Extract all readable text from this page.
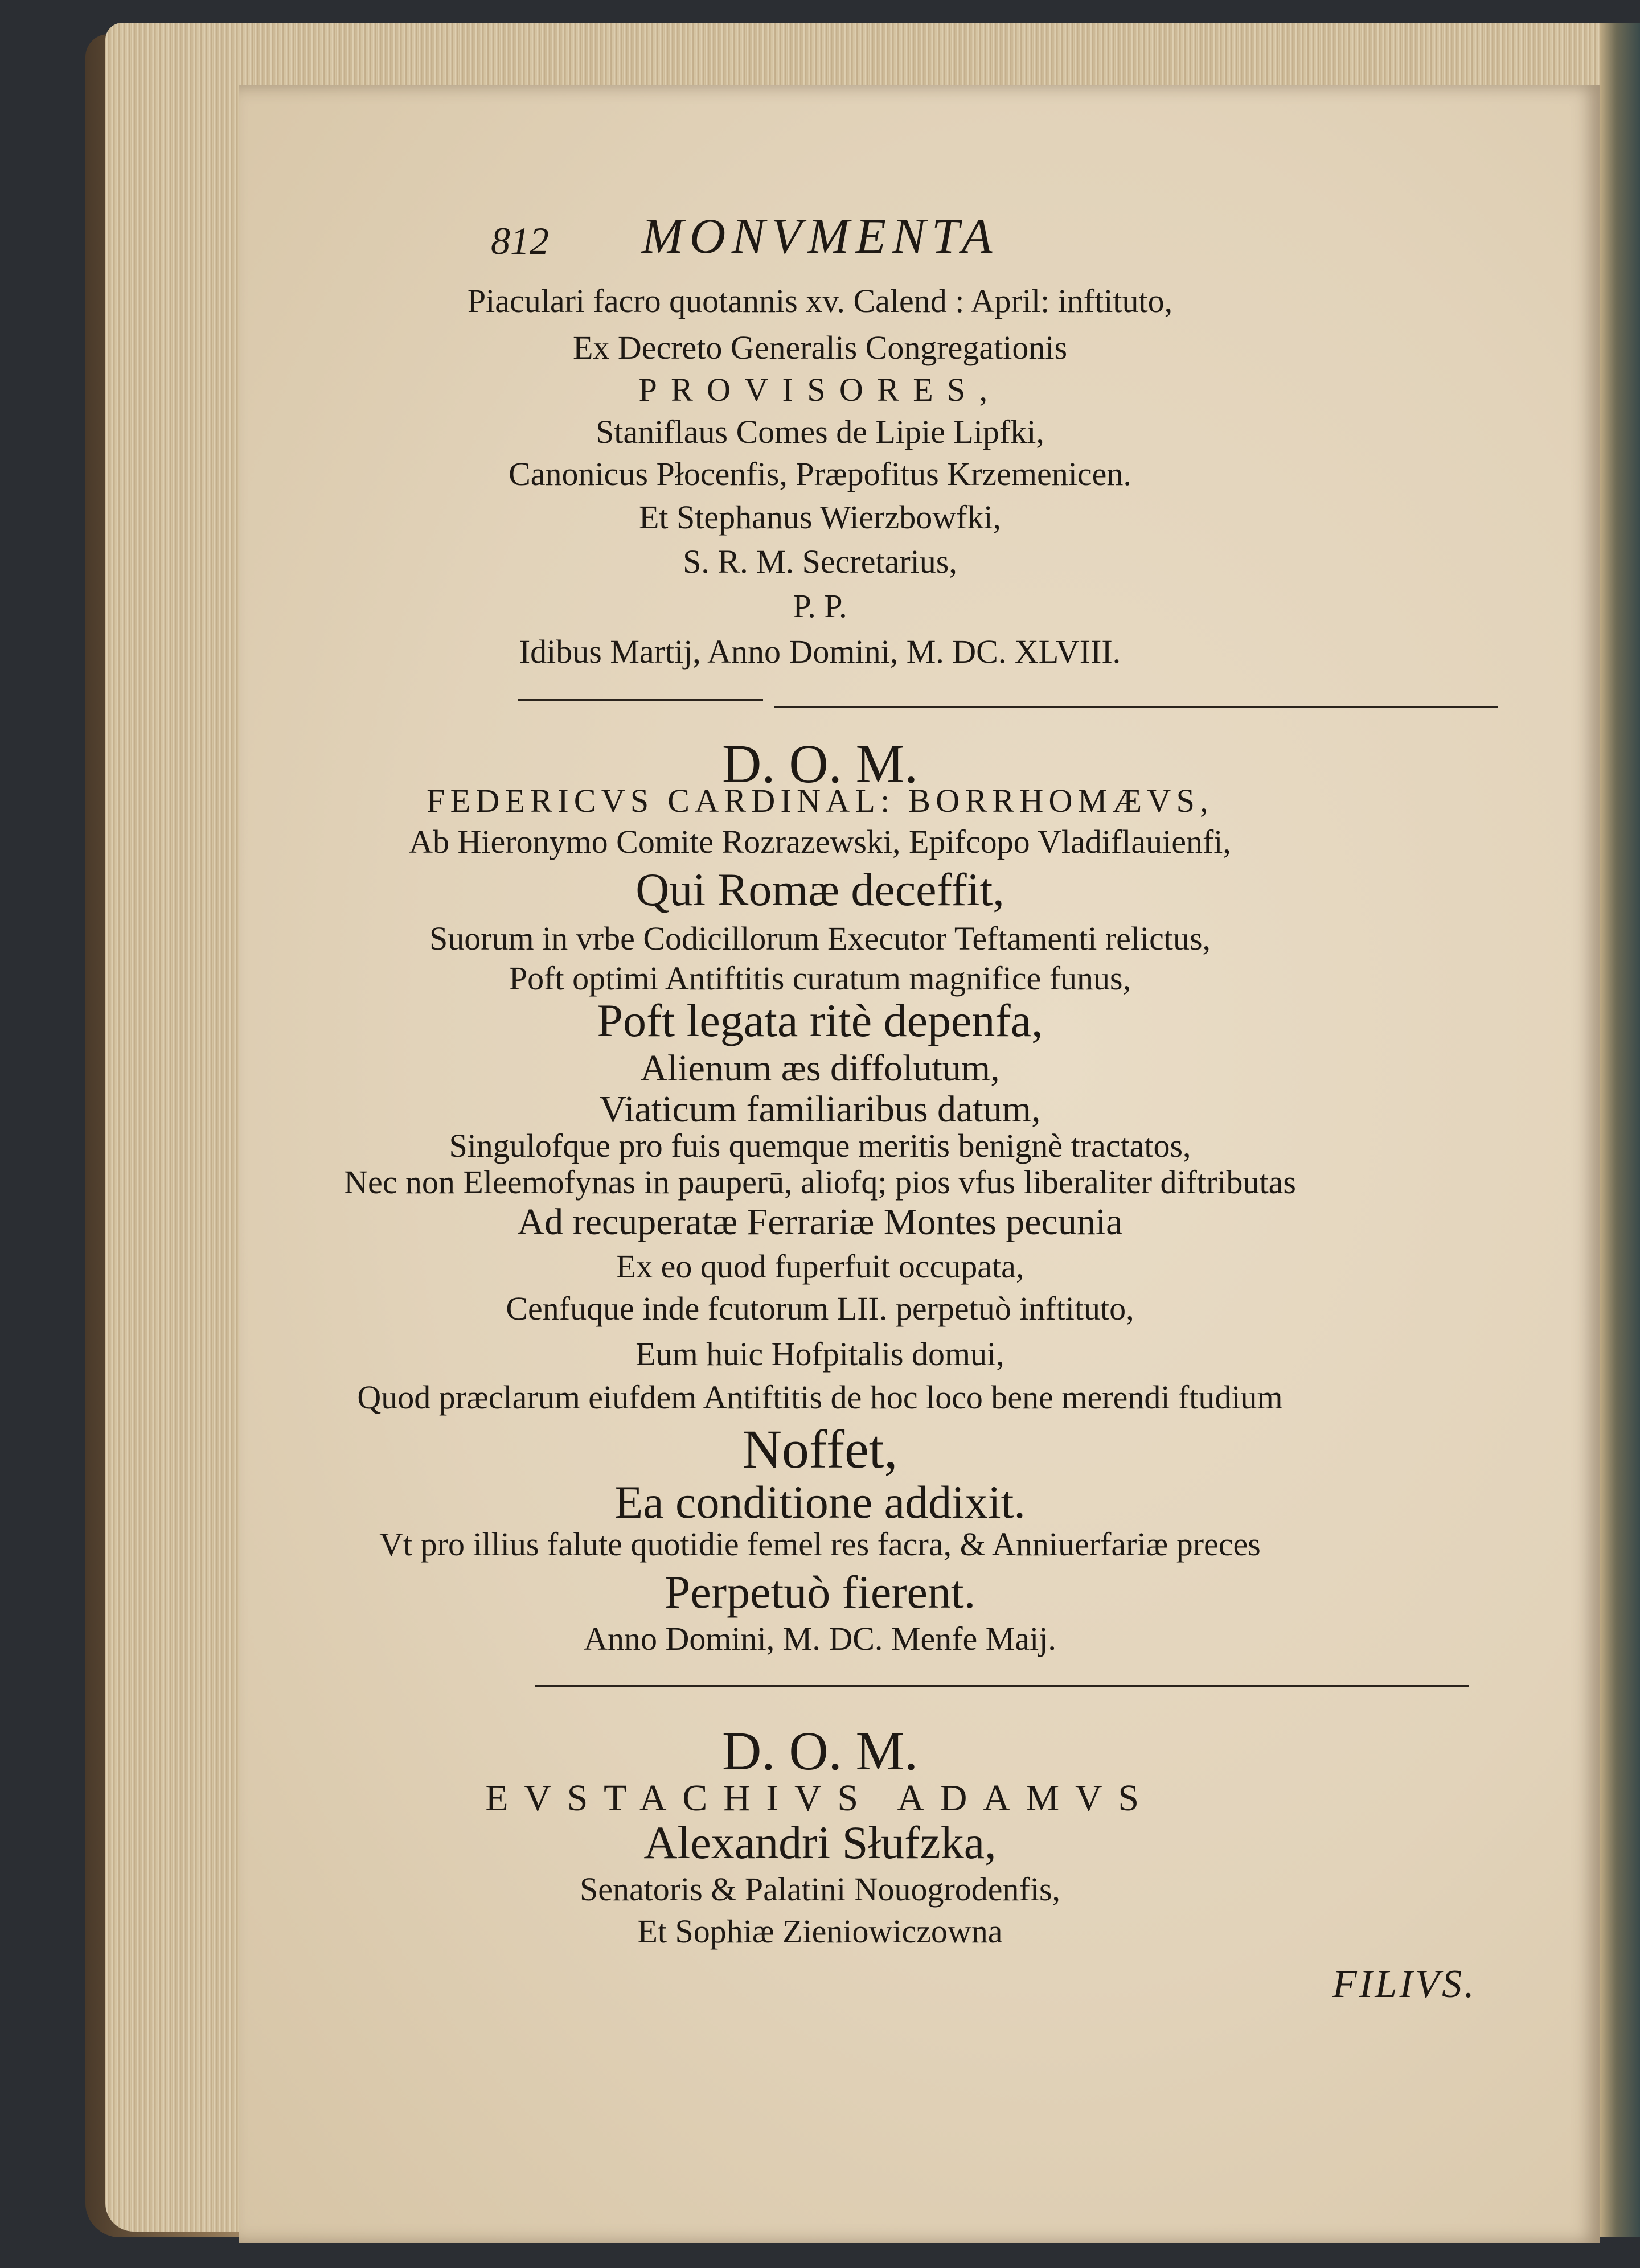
812	MONVMENTA
Piaculari facro quotannis xv. Calend : April: inftituto,
Ex Decreto Generalis Congregationis
PROVISORES,
Staniflaus Comes de Lipie Lipfki,
Canonicus Płocenfis, Præpofitus Krzemenicen.
Et Stephanus Wierzbowfki,
S. R. M. Secretarius,
P. P.
Idibus Martij, Anno Domini, M. DC. XLVIII.
D. O. M.
FEDERICVS CARDINAL: BORRHOMÆVS,
Ab Hieronymo Comite Rozrazewski, Epifcopo Vladiflauienfi,
Qui Romæ deceffit,
Suorum in vrbe Codicillorum Executor Teftamenti relictus,
Poft optimi Antiftitis curatum magnifice funus,
Poft legata ritè depenfa,
Alienum æs diffolutum,
Viaticum familiaribus datum,
Singulofque pro fuis quemque meritis benignè tractatos,
Nec non Eleemofynas in pauperū, aliofq; pios vfus liberaliter diftributas
Ad recuperatæ Ferrariæ Montes pecunia
Ex eo quod fuperfuit occupata,
Cenfuque inde fcutorum LII. perpetuò inftituto,
Eum huic Hofpitalis domui,
Quod præclarum eiufdem Antiftitis de hoc loco bene merendi ftudium
Noffet,
Ea conditione addixit.
Vt pro illius falute quotidie femel res facra, & Anniuerfariæ preces
Perpetuò fierent.
Anno Domini, M. DC. Menfe Maij.
D. O. M.
EVSTACHIVS ADAMVS
Alexandri Słufzka,
Senatoris & Palatini Nouogrodenfis,
Et Sophiæ Zieniowiczowna
FILIVS.
